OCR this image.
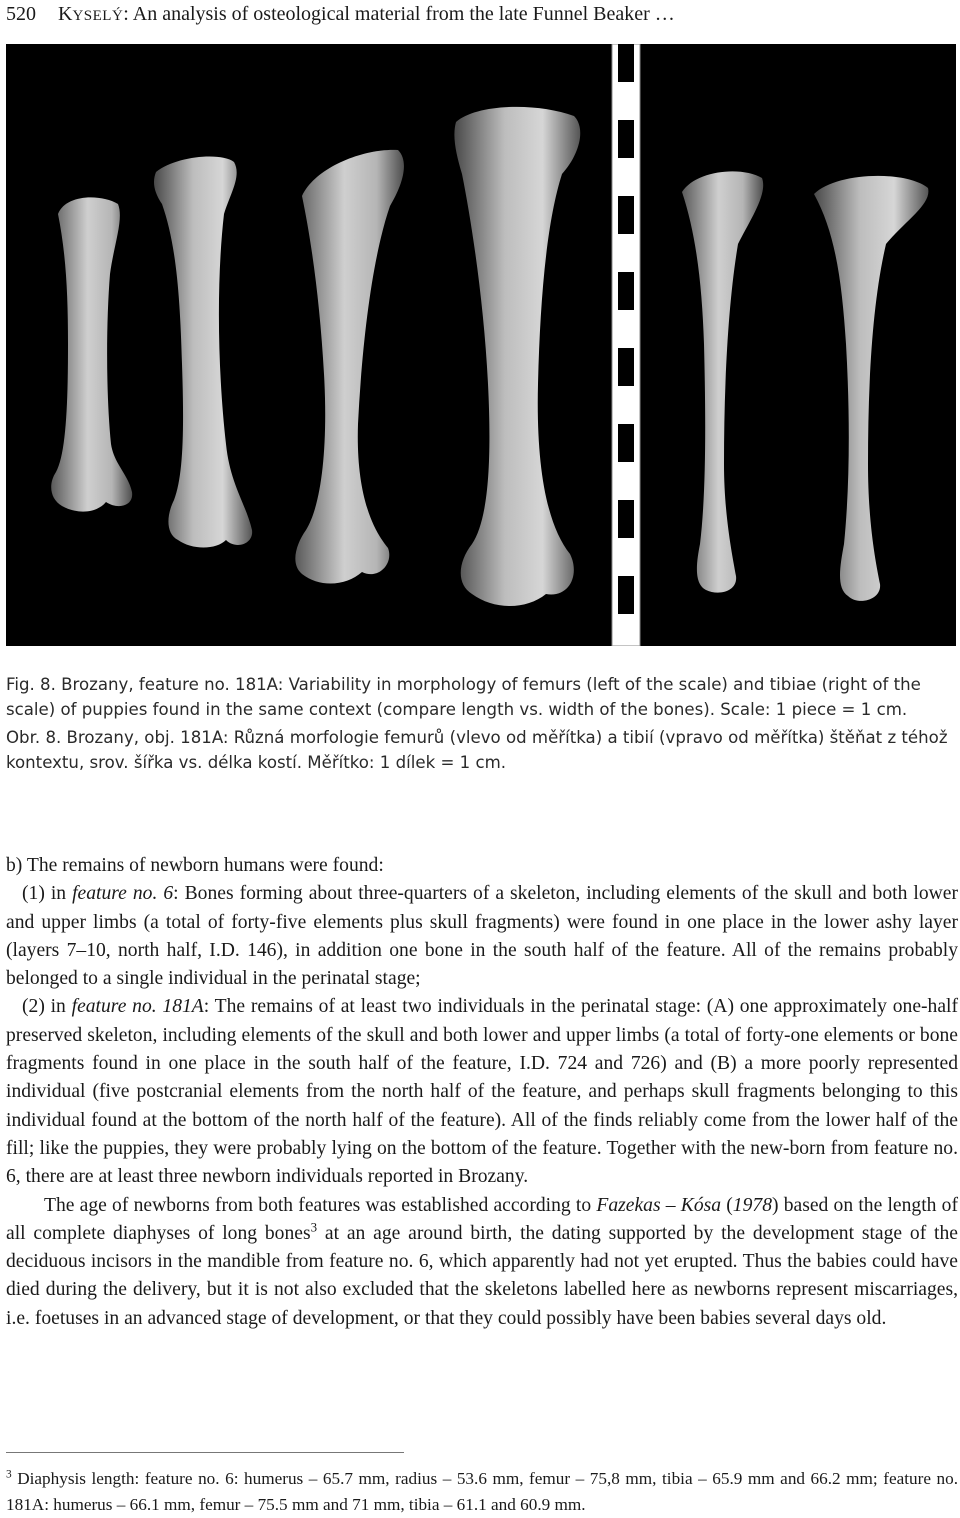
520 KYSELÝ: An analysis of osteological material from the late Funnel Beaker …

Fig. 8. Brozany, feature no. 181A: Variability in morphology of femurs (left of the scale) and tibiae (right of the scale) of puppies found in the same context (compare length vs. width of the bones). Scale: 1 piece = 1 cm.

Obr. 8. Brozany, obj. 181A: Různá morfologie femurů (vlevo od měřítka) a tibií (vpravo od měřítka) štěňat z téhož kontextu, srov. šířka vs. délka kostí. Měřítko: 1 dílek = 1 cm.

b) The remains of newborn humans were found:

(1) in feature no. 6: Bones forming about three-quarters of a skeleton, including elements of the skull and both lower and upper limbs (a total of forty-five elements plus skull fragments) were found in one place in the lower ashy layer (layers 7–10, north half, I.D. 146), in addition one bone in the south half of the feature. All of the remains probably belonged to a single individual in the perinatal stage;

(2) in feature no. 181A: The remains of at least two individuals in the perinatal stage: (A) one approximately one-half preserved skeleton, including elements of the skull and both lower and upper limbs (a total of forty-one elements or bone fragments found in one place in the south half of the feature, I.D. 724 and 726) and (B) a more poorly represented individual (five postcranial elements from the north half of the feature, and perhaps skull fragments belonging to this individual found at the bottom of the north half of the feature). All of the finds reliably come from the lower half of the fill; like the puppies, they were probably lying on the bottom of the feature. Together with the new-born from feature no. 6, there are at least three newborn individuals reported in Brozany.

The age of newborns from both features was established according to Fazekas – Kósa (1978) based on the length of all complete diaphyses of long bones$^3$ at an age around birth, the dating supported by the development stage of the deciduous incisors in the mandible from feature no. 6, which apparently had not yet erupted. Thus the babies could have died during the delivery, but it is not also excluded that the skeletons labelled here as newborns represent miscarriages, i.e. foetuses in an advanced stage of development, or that they could possibly have been babies several days old.

$^3$ Diaphysis length: feature no. 6: humerus – 65.7 mm, radius – 53.6 mm, femur – 75,8 mm, tibia – 65.9 mm and 66.2 mm; feature no. 181A: humerus – 66.1 mm, femur – 75.5 mm and 71 mm, tibia – 61.1 and 60.9 mm.
